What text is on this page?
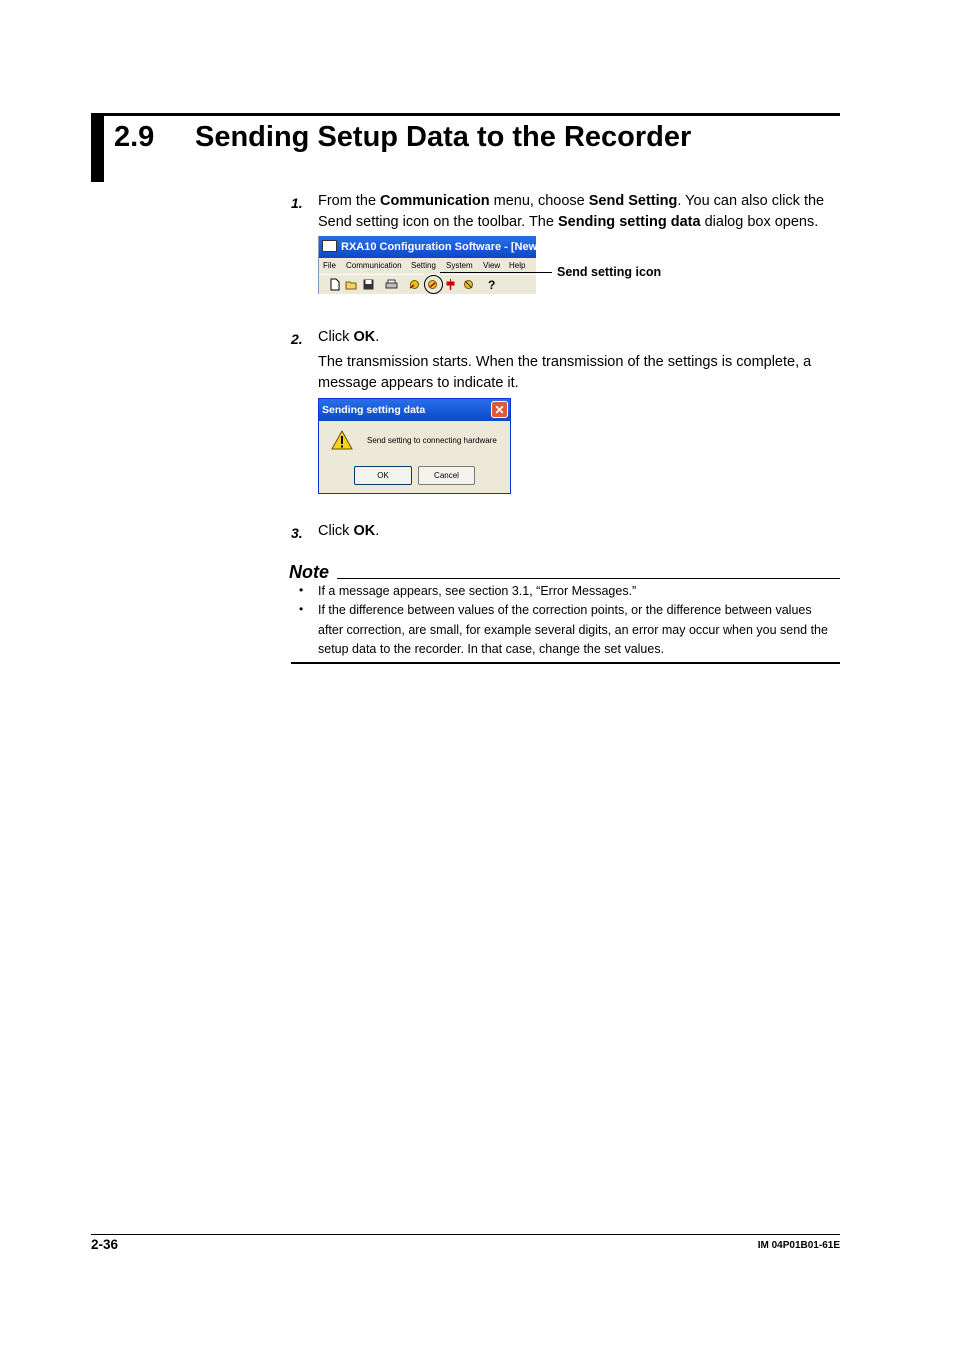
2.9 Sending Setup Data to the Recorder
1. From the Communication menu, choose Send Setting. You can also click the
Send setting icon on the toolbar. The Sending setting data dialog box opens.
RXA10 Configuration Software - [NewFile]
File Communication Setting System View Help
?
Send setting icon
2. Click OK.
The transmission starts. When the transmission of the settings is complete, a
message appears to indicate it.
Sending setting data	✕
Send setting to connecting hardware
OK	Cancel
3. Click OK.
Note
• If a message appears, see section 3.1, “Error Messages.”
• If the difference between values of the correction points, or the difference between values
after correction, are small, for example several digits, an error may occur when you send the
setup data to the recorder. In that case, change the set values.
2-36	IM 04P01B01-61E
